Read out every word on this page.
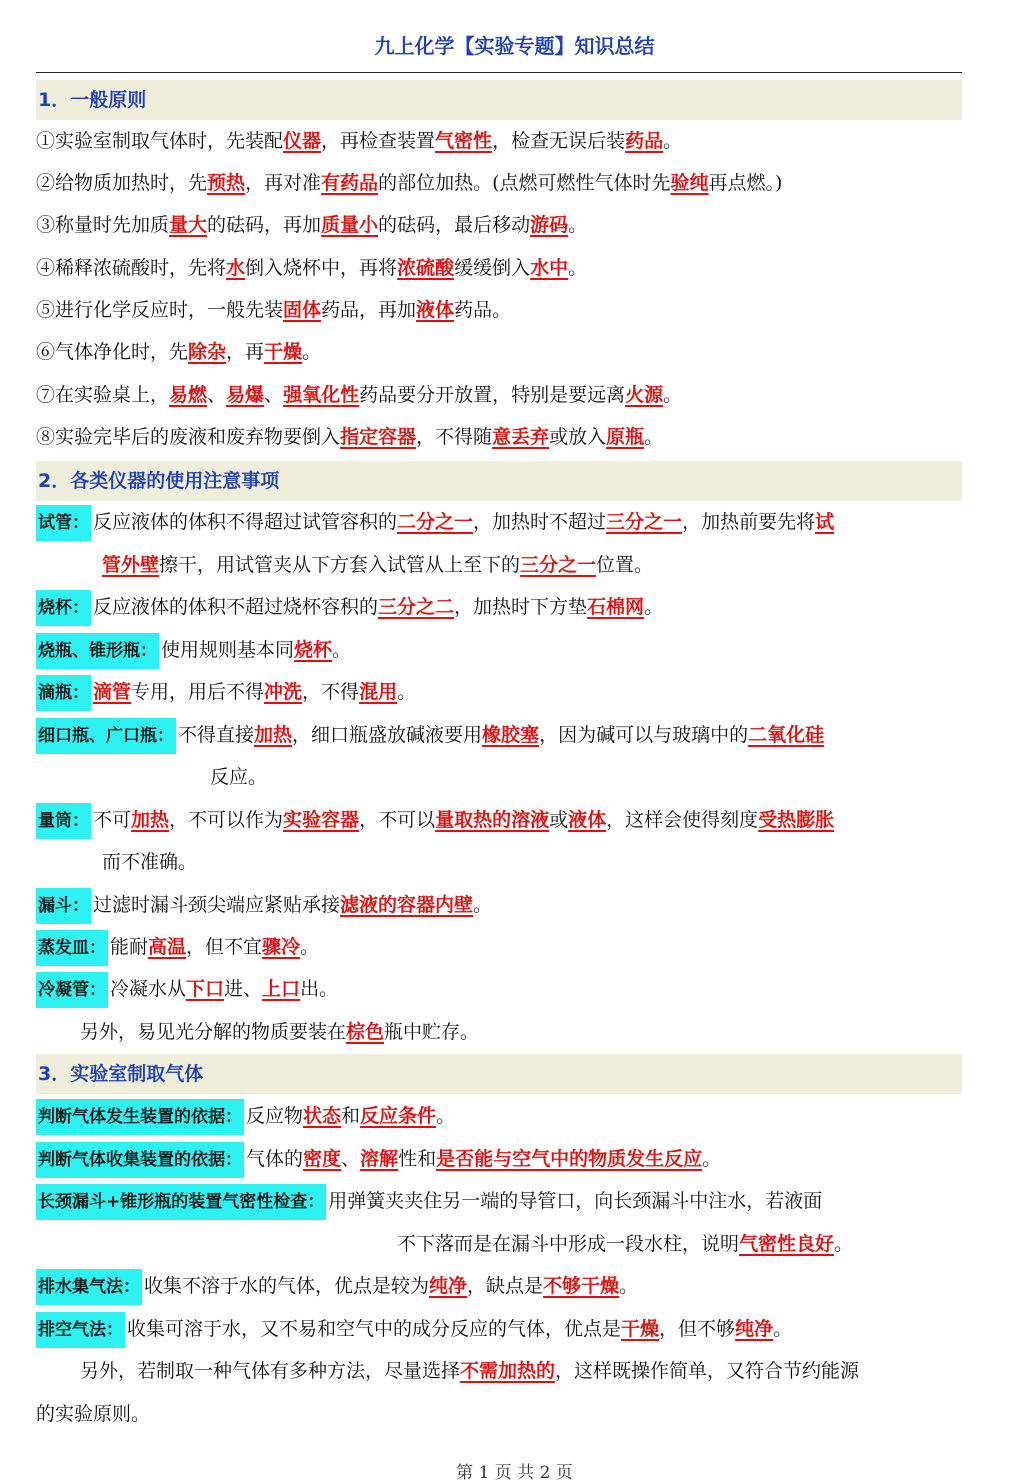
九上化学【实验专题】知识总结
1．一般原则
2．各类仪器的使用注意事项
3．实验室制取气体
①实验室制取气体时，先装配仪器，再检查装置气密性，检查无误后装药品。
②给物质加热时，先预热，再对准有药品的部位加热。(点燃可燃性气体时先验纯再点燃。)
③称量时先加质量大的砝码，再加质量小的砝码，最后移动游码。
④稀释浓硫酸时，先将水倒入烧杯中，再将浓硫酸缓缓倒入水中。
⑤进行化学反应时，一般先装固体药品，再加液体药品。
⑥气体净化时，先除杂，再干燥。
⑦在实验桌上，易燃、易爆、强氧化性药品要分开放置，特别是要远离火源。
⑧实验完毕后的废液和废弃物要倒入指定容器，不得随意丢弃或放入原瓶。
试管： 反应液体的体积不得超过试管容积的二分之一，加热时不超过三分之一，加热前要先将试
管外壁擦干，用试管夹从下方套入试管从上至下的三分之一位置。
烧杯： 反应液体的体积不超过烧杯容积的三分之二，加热时下方垫石棉网。
烧瓶、锥形瓶： 使用规则基本同烧杯。
滴瓶： 滴管专用，用后不得冲洗，不得混用。
细口瓶、广口瓶： 不得直接加热，细口瓶盛放碱液要用橡胶塞，因为碱可以与玻璃中的二氧化硅
反应。
量筒： 不可加热，不可以作为实验容器，不可以量取热的溶液或液体，这样会使得刻度受热膨胀
而不准确。
漏斗： 过滤时漏斗颈尖端应紧贴承接滤液的容器内壁。
蒸发皿： 能耐高温，但不宜骤冷。
冷凝管： 冷凝水从下口进、上口出。
另外，易见光分解的物质要装在棕色瓶中贮存。
判断气体发生装置的依据： 反应物状态和反应条件。
判断气体收集装置的依据： 气体的密度、溶解性和是否能与空气中的物质发生反应。
长颈漏斗+锥形瓶的装置气密性检查： 用弹簧夹夹住另一端的导管口，向长颈漏斗中注水，若液面
不下落而是在漏斗中形成一段水柱，说明气密性良好。
排水集气法： 收集不溶于水的气体，优点是较为纯净，缺点是不够干燥。
排空气法： 收集可溶于水，又不易和空气中的成分反应的气体，优点是干燥，但不够纯净。
另外，若制取一种气体有多种方法，尽量选择不需加热的，这样既操作简单，又符合节约能源
的实验原则。
第 1 页 共 2 页
